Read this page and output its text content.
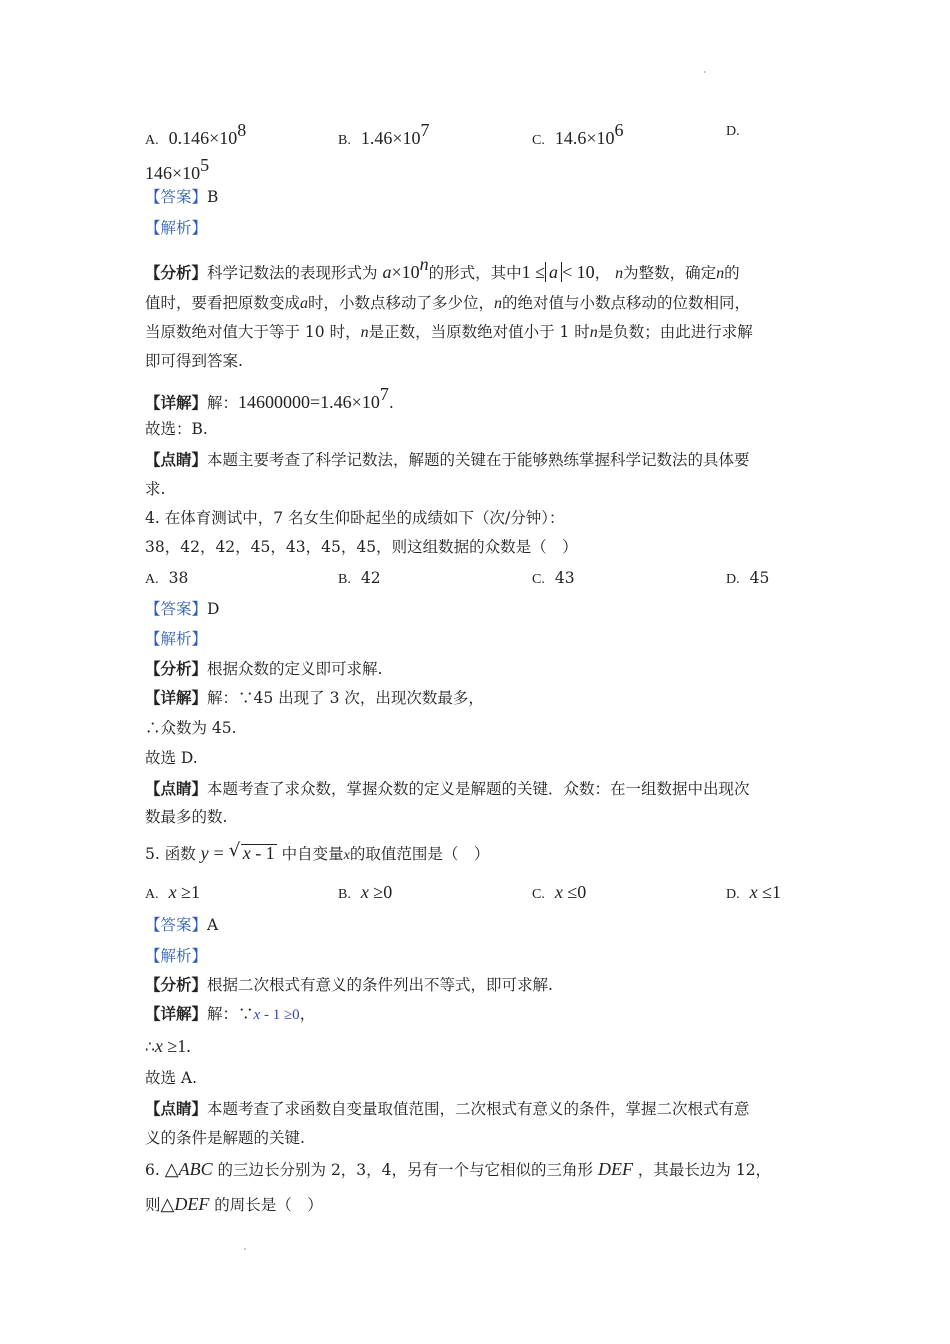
A. $0.146\times 10^8$
B. $1.46\times 10^7$
C. $14.6\times 10^6$	D.
$146\times 10^5$
【答案】B
【解析】
【分析】科学记数法的表现形式为 $a\times 10^n$的形式，其中1 ≤ a < 10， n为整数，确定n的
值时，要看把原数变成a时，小数点移动了多少位，n的绝对值与小数点移动的位数相同，
当原数绝对值大于等于 10 时，n是正数，当原数绝对值小于 1 时n是负数；由此进行求解
即可得到答案.
【详解】解：$14600000=1.46\times 10^7$.
故选：B.
【点睛】本题主要考查了科学记数法，解题的关键在于能够熟练掌握科学记数法的具体要
求.
4. 在体育测试中，7 名女生仰卧起坐的成绩如下（次/分钟）：
38，42，42，45，43，45，45，则这组数据的众数是（　）
A. 38	B. 42	C. 43	D. 45
【答案】D
【解析】
【分析】根据众数的定义即可求解.
【详解】解：∵45 出现了 3 次，出现次数最多，
∴众数为 45.
故选 D.
【点睛】本题考查了求众数，掌握众数的定义是解题的关键．众数：在一组数据中出现次
数最多的数.
5. 函数 y = √ x - 1 中自变量x的取值范围是（　）
A. x ≥1	B. x ≥0	C. x ≤0	D. x ≤1
【答案】A
【解析】
【分析】根据二次根式有意义的条件列出不等式，即可求解.
【详解】解：∵x - 1 ≥0，
∴x ≥1.
故选 A.
【点睛】本题考查了求函数自变量取值范围，二次根式有意义的条件，掌握二次根式有意
义的条件是解题的关键.
6. △ABC 的三边长分别为 2，3，4，另有一个与它相似的三角形 DEF ，其最长边为 12，
则△DEF 的周长是（　）
